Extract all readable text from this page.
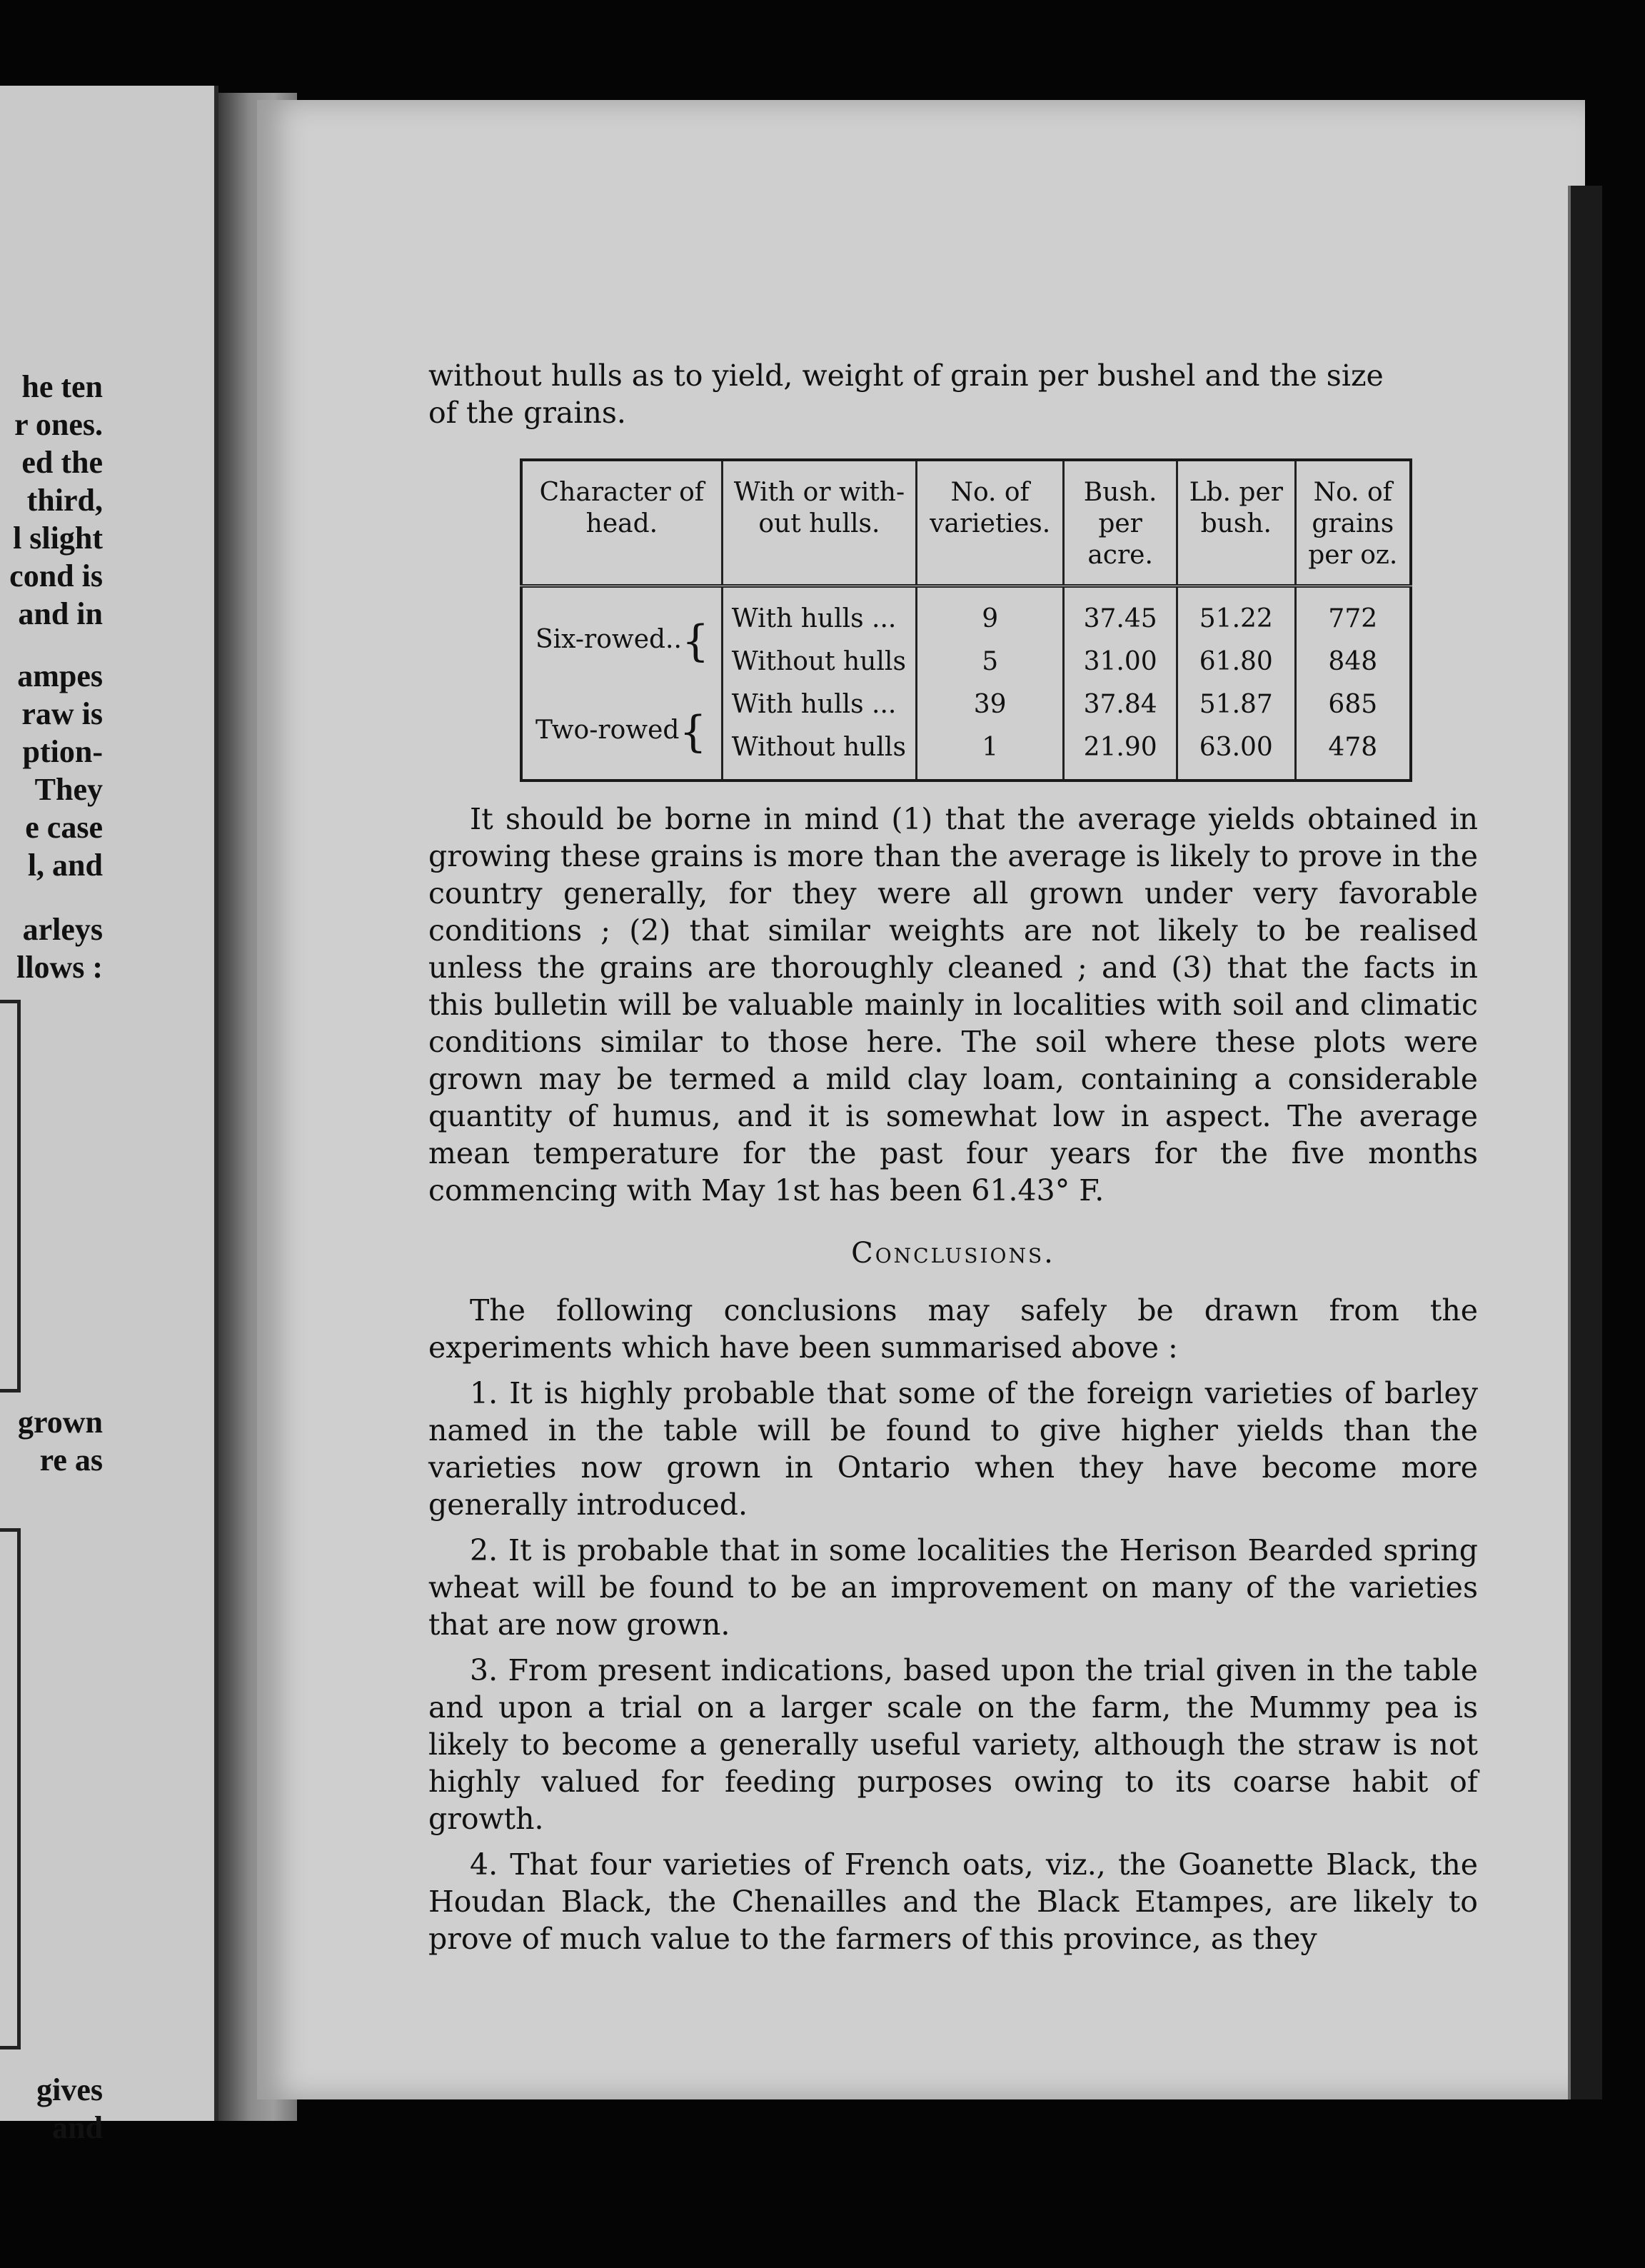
he ten
r ones.
ed the
third,
l slight
cond is
and in
ampes
raw is
ption-
They
e case
l, and
arleys
llows :
grown
re as
gives
and
without hulls as to yield, weight of grain per bushel and the size
of the grains.
Character of head.	With or with-out hulls.	No. of varieties.	Bush. per acre.	Lb. per bush.	No. of grains per oz.
Six-rowed..{	With hulls ...	9	37.45	51.22	772
	Without hulls	5	31.00	61.80	848
Two-rowed{	With hulls ...	39	37.84	51.87	685
	Without hulls	1	21.90	63.00	478

It should be borne in mind (1) that the average yields obtained in growing these grains is more than the average is likely to prove in the country generally, for they were all grown under very favorable conditions ; (2) that similar weights are not likely to be realised unless the grains are thoroughly cleaned ; and (3) that the facts in this bulletin will be valuable mainly in localities with soil and climatic conditions similar to those here. The soil where these plots were grown may be termed a mild clay loam, containing a considerable quantity of humus, and it is somewhat low in aspect. The average mean temperature for the past four years for the five months commencing with May 1st has been 61.43° F.

Conclusions.

The following conclusions may safely be drawn from the experiments which have been summarised above :

1. It is highly probable that some of the foreign varieties of barley named in the table will be found to give higher yields than the varieties now grown in Ontario when they have become more generally introduced.

2. It is probable that in some localities the Herison Bearded spring wheat will be found to be an improvement on many of the varieties that are now grown.

3. From present indications, based upon the trial given in the table and upon a trial on a larger scale on the farm, the Mummy pea is likely to become a generally useful variety, although the straw is not highly valued for feeding purposes owing to its coarse habit of growth.

4. That four varieties of French oats, viz., the Goanette Black, the Houdan Black, the Chenailles and the Black Etampes, are likely to prove of much value to the farmers of this province, as they
